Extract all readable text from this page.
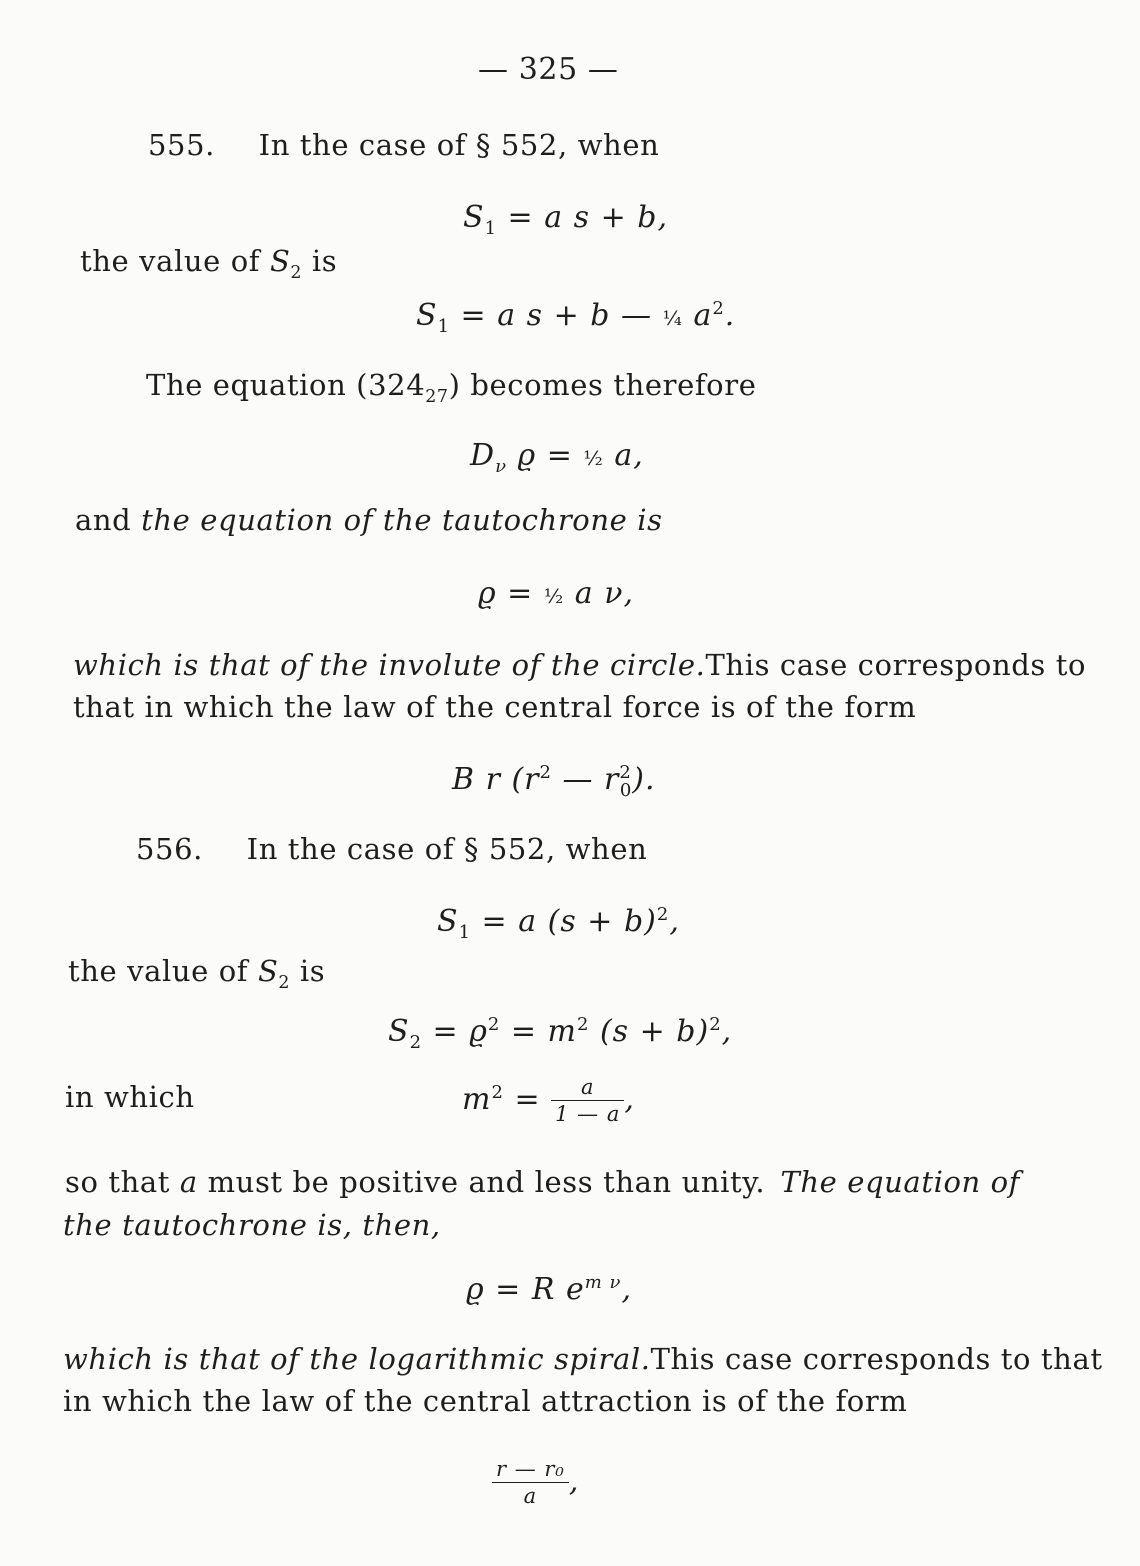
— 325 —
555. In the case of § 552, when
$S_1 = a$ s + b,
the value of $S_2$ is
$S_1 = a$ s + b — ¼ $a^2$.
The equation $(324_{27})$ becomes therefore
$D_\nu$ ϱ = ½ a,
and the equation of the tautochrone is
ϱ = ½ a ν,
which is that of the involute of the circle. This case corresponds to
that in which the law of the central force is of the form
B r ($r^2$ — $r^2_0$).
556. In the case of § 552, when
$S_1 = a$ $(s + b)^2$,
the value of $S_2$ is
$S_2 = ϱ^2 = m^2$ $(s + b)^2$,
in which	$m^2 = \frac{a}{1 — a}$ ,
so that a must be positive and less than unity. The equation of
the tautochrone is, then,
ϱ = R $e^{m \nu}$,
which is that of the logarithmic spiral. This case corresponds to that
in which the law of the central attraction is of the form
$\frac{\text{r — r₀}}{a}$ ,
